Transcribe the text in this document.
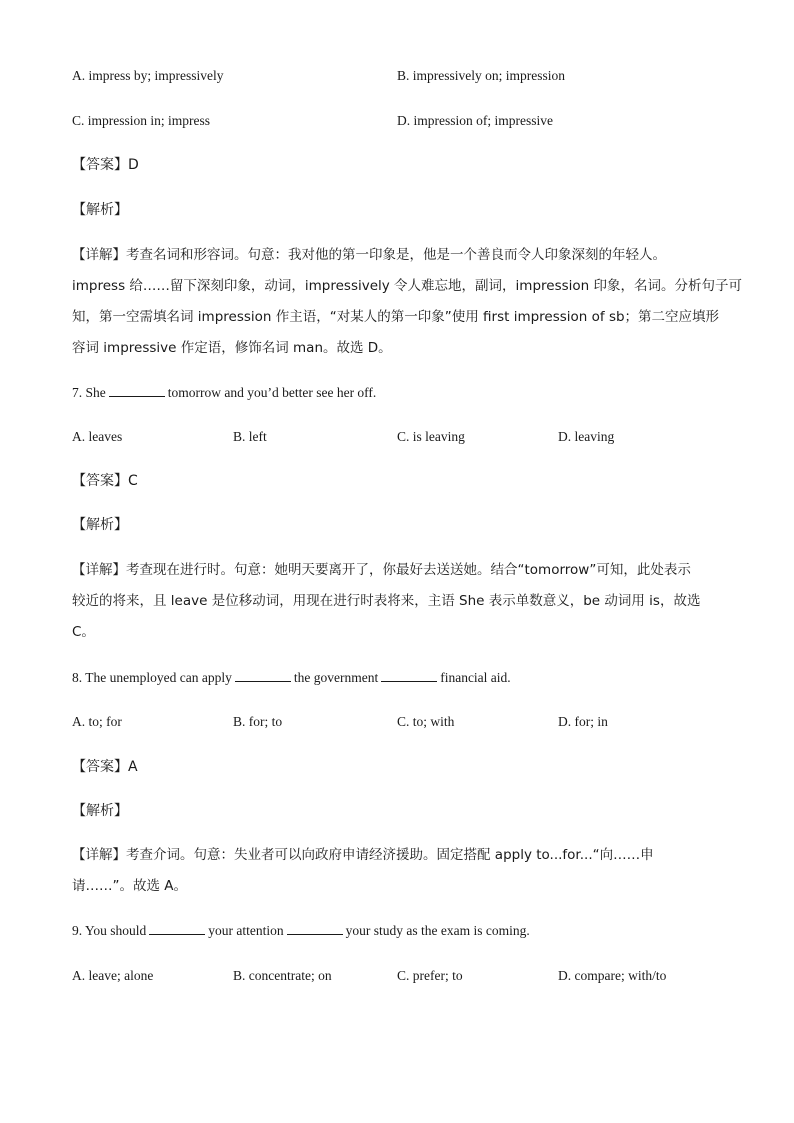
A. impress by; impressively	B. impressively on; impression
C. impression in; impress	D. impression of; impressive
【答案】D
【解析】
【详解】考查名词和形容词。句意：我对他的第一印象是，他是一个善良而令人印象深刻的年轻人。
impress 给……留下深刻印象，动词，impressively 令人难忘地，副词，impression 印象，名词。分析句子可
知，第一空需填名词 impression 作主语，“对某人的第一印象”使用 first impression of sb；第二空应填形
容词 impressive 作定语，修饰名词 man。故选 D。
7. She	tomorrow and you’d better see her off.
A. leaves	B. left	C. is leaving	D. leaving
【答案】C
【解析】
【详解】考查现在进行时。句意：她明天要离开了，你最好去送送她。结合“tomorrow”可知，此处表示
较近的将来，且 leave 是位移动词，用现在进行时表将来，主语 She 表示单数意义，be 动词用 is，故选
C。
8. The unemployed can apply	the government	financial aid.
A. to; for	B. for; to	C. to; with	D. for; in
【答案】A
【解析】
【详解】考查介词。句意：失业者可以向政府申请经济援助。固定搭配 apply to...for...“向……申
请……”。故选 A。
9. You should	your attention	your study as the exam is coming.
A. leave; alone	B. concentrate; on	C. prefer; to	D. compare; with/to
